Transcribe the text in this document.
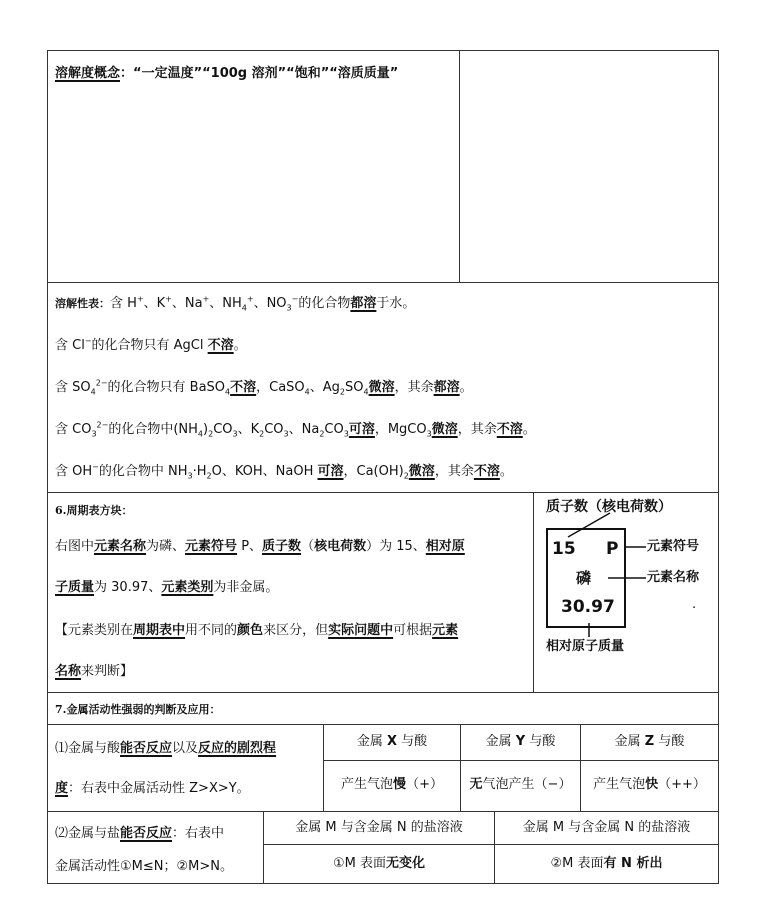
溶解度概念：“一定温度”“100g 溶剂”“饱和”“溶质质量”
溶解性表：含 H+、K+、Na+、$NH_4^+$、$NO_3^-$的化合物都溶于水。
含 Cl−的化合物只有 AgCl 不溶。
含 $SO_4^{2-}$的化合物只有 BaSO$_4$不溶，CaSO$_4$、$Ag_2SO_4$微溶，其余都溶。
含 $CO_3^{2-}$的化合物中$(NH_4)_2CO_3$、$K_2CO_3$、$Na_2CO_3$可溶，MgCO$_3$微溶，其余不溶。
含 OH−的化合物中 $NH_3\cdot H_2O$、KOH、NaOH 可溶，$Ca(OH)_2$微溶，其余不溶。
6.周期表方块：
右图中元素名称为磷、元素符号 P、质子数（核电荷数）为 15、相对原
子质量为 30.97、元素类别为非金属。
【元素类别在周期表中用不同的颜色来区分，但实际问题中可根据元素
名称来判断】
质子数（核电荷数）
15 P
磷
30.97
元素符号
元素名称
.
相对原子质量
7.金属活动性强弱的判断及应用：
⑴金属与酸能否反应以及反应的剧烈程
度：右表中金属活动性 Z>X>Y。
金属 X 与酸	金属 Y 与酸	金属 Z 与酸
产生气泡慢（+）	无气泡产生（−）	产生气泡快（++）
⑵金属与盐能否反应：右表中
金属活动性①M≤N；②M>N。
金属 M 与含金属 N 的盐溶液	金属 M 与含金属 N 的盐溶液
①M 表面无变化	②M 表面有 N 析出
